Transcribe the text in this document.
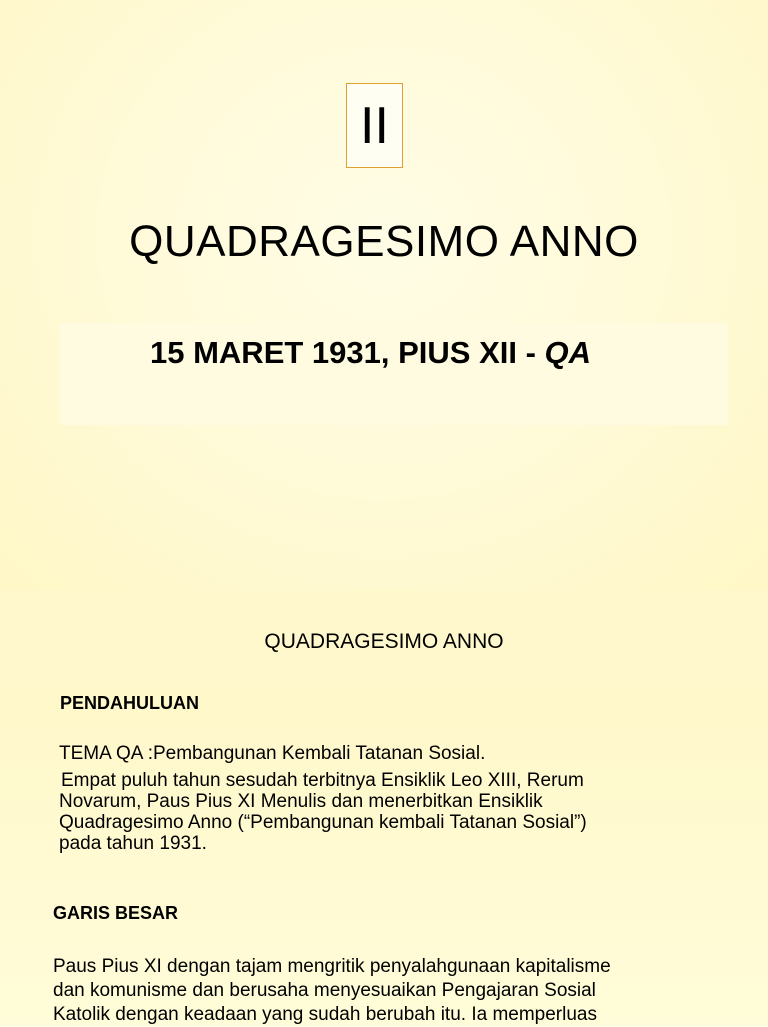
II
QUADRAGESIMO ANNO
15 MARET 1931, PIUS XII - QA
QUADRAGESIMO ANNO
PENDAHULUAN
TEMA QA :Pembangunan Kembali Tatanan Sosial.
Empat puluh tahun sesudah terbitnya Ensiklik Leo XIII, Rerum
Novarum, Paus Pius XI Menulis dan menerbitkan Ensiklik
Quadragesimo Anno (“Pembangunan kembali Tatanan Sosial”)
pada tahun 1931.
GARIS BESAR
Paus Pius XI dengan tajam mengritik penyalahgunaan kapitalisme
dan komunisme dan berusaha menyesuaikan Pengajaran Sosial
Katolik dengan keadaan yang sudah berubah itu. Ia memperluas
